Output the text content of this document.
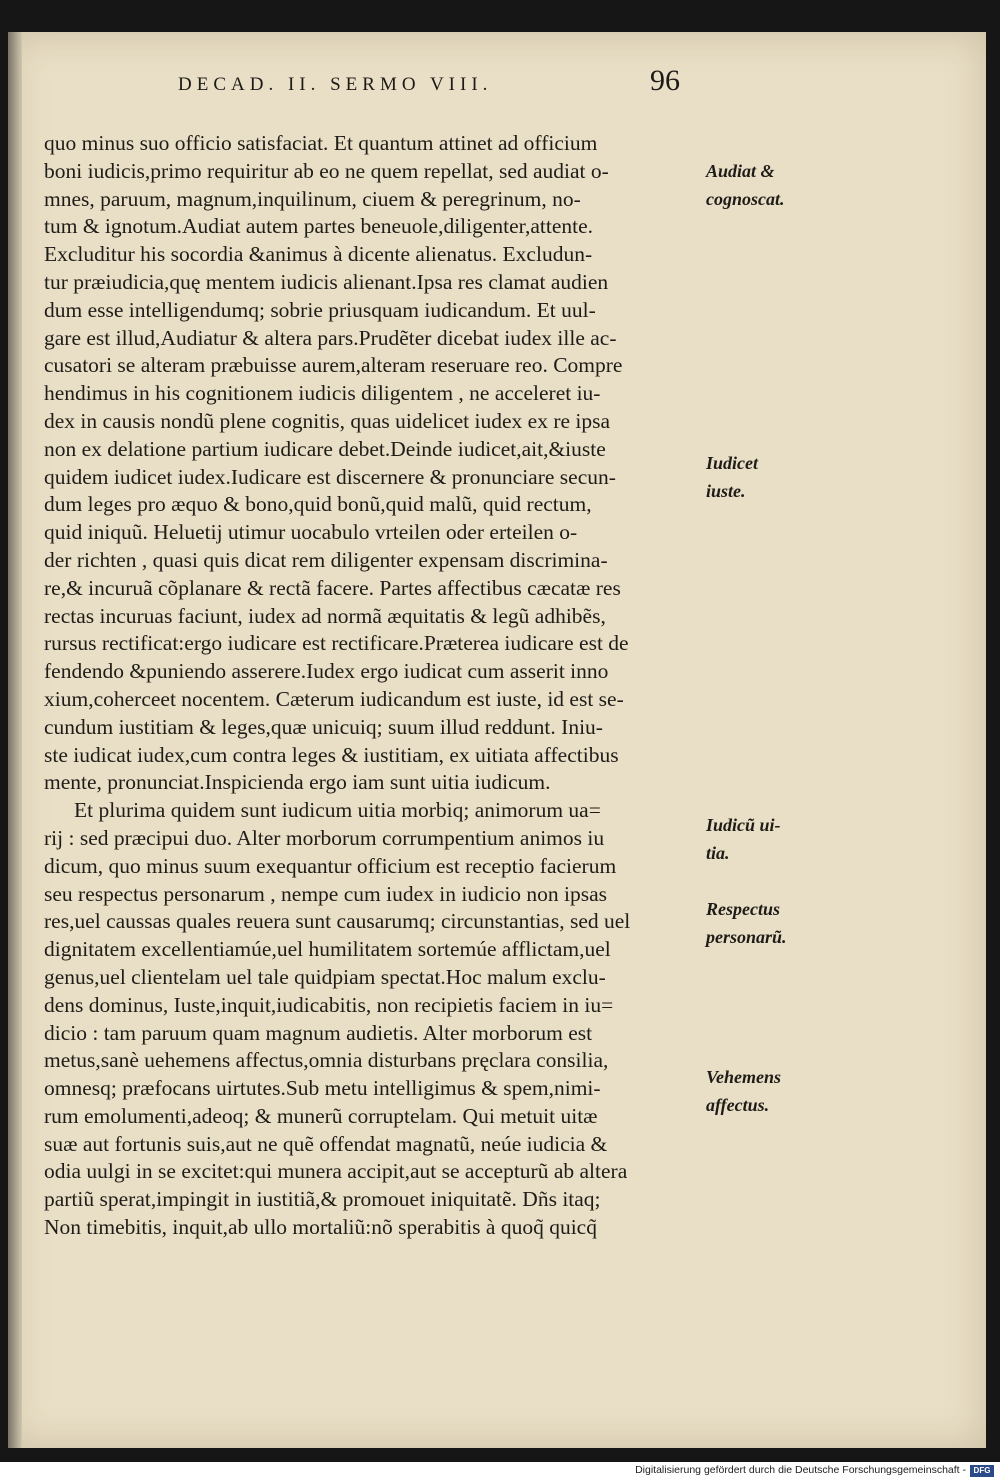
DECAD. II. SERMO VIII.	96
quo minus suo officio satisfaciat. Et quantum attinet ad officium
boni iudicis,primo requiritur ab eo ne quem repellat, sed audiat o-
mnes, paruum, magnum,inquilinum, ciuem & peregrinum, no-
tum & ignotum.Audiat autem partes beneuole,diligenter,attente.
Excluditur his socordia &animus à dicente alienatus. Excludun-
tur præiudicia,quę mentem iudicis alienant.Ipsa res clamat audien
dum esse intelligendumq; sobrie priusquam iudicandum. Et uul-
gare est illud,Audiatur & altera pars.Prudẽter dicebat iudex ille ac-
cusatori se alteram præbuisse aurem,alteram reseruare reo. Compre
hendimus in his cognitionem iudicis diligentem , ne acceleret iu-
dex in causis nondũ plene cognitis, quas uidelicet iudex ex re ipsa
non ex delatione partium iudicare debet.Deinde iudicet,ait,&iuste
quidem iudicet iudex.Iudicare est discernere & pronunciare secun-
dum leges pro æquo & bono,quid bonũ,quid malũ, quid rectum,
quid iniquũ. Heluetij utimur uocabulo vrteilen oder erteilen o-
der richten , quasi quis dicat rem diligenter expensam discrimina-
re,& incuruã cõplanare & rectã facere. Partes affectibus cæcatæ res
rectas incuruas faciunt, iudex ad normã æquitatis & legũ adhibẽs,
rursus rectificat:ergo iudicare est rectificare.Præterea iudicare est de
fendendo &puniendo asserere.Iudex ergo iudicat cum asserit inno
xium,coherceet nocentem. Cæterum iudicandum est iuste, id est se-
cundum iustitiam & leges,quæ unicuiq; suum illud reddunt. Iniu-
ste iudicat iudex,cum contra leges & iustitiam, ex uitiata affectibus
mente, pronunciat.Inspicienda ergo iam sunt uitia iudicum.
Et plurima quidem sunt iudicum uitia morbiq; animorum ua=
rij : sed præcipui duo. Alter morborum corrumpentium animos iu
dicum, quo minus suum exequantur officium est receptio facierum
seu respectus personarum , nempe cum iudex in iudicio non ipsas
res,uel caussas quales reuera sunt causarumq; circunstantias, sed uel
dignitatem excellentiamúe,uel humilitatem sortemúe afflictam,uel
genus,uel clientelam uel tale quidpiam spectat.Hoc malum exclu-
dens dominus, Iuste,inquit,iudicabitis, non recipietis faciem in iu=
dicio : tam paruum quam magnum audietis. Alter morborum est
metus,sanè uehemens affectus,omnia disturbans pręclara consilia,
omnesq; præfocans uirtutes.Sub metu intelligimus & spem,nimi-
rum emolumenti,adeoq; & munerũ corruptelam. Qui metuit uitæ
suæ aut fortunis suis,aut ne quẽ offendat magnatũ, neúe iudicia &
odia uulgi in se excitet:qui munera accipit,aut se accepturũ ab altera
partiũ sperat,impingit in iustitiã,& promouet iniquitatẽ. Dñs itaq;
Non timebitis, inquit,ab ullo mortaliũ:nõ sperabitis à quoq̃ quicq̃
Audiat &
cognoscat.
Iudicet
iuste.
Iudicũ ui-
tia.
Respectus
personarũ.
Vehemens
affectus.
Digitalisierung gefördert durch die Deutsche Forschungsgemeinschaft - DFG
